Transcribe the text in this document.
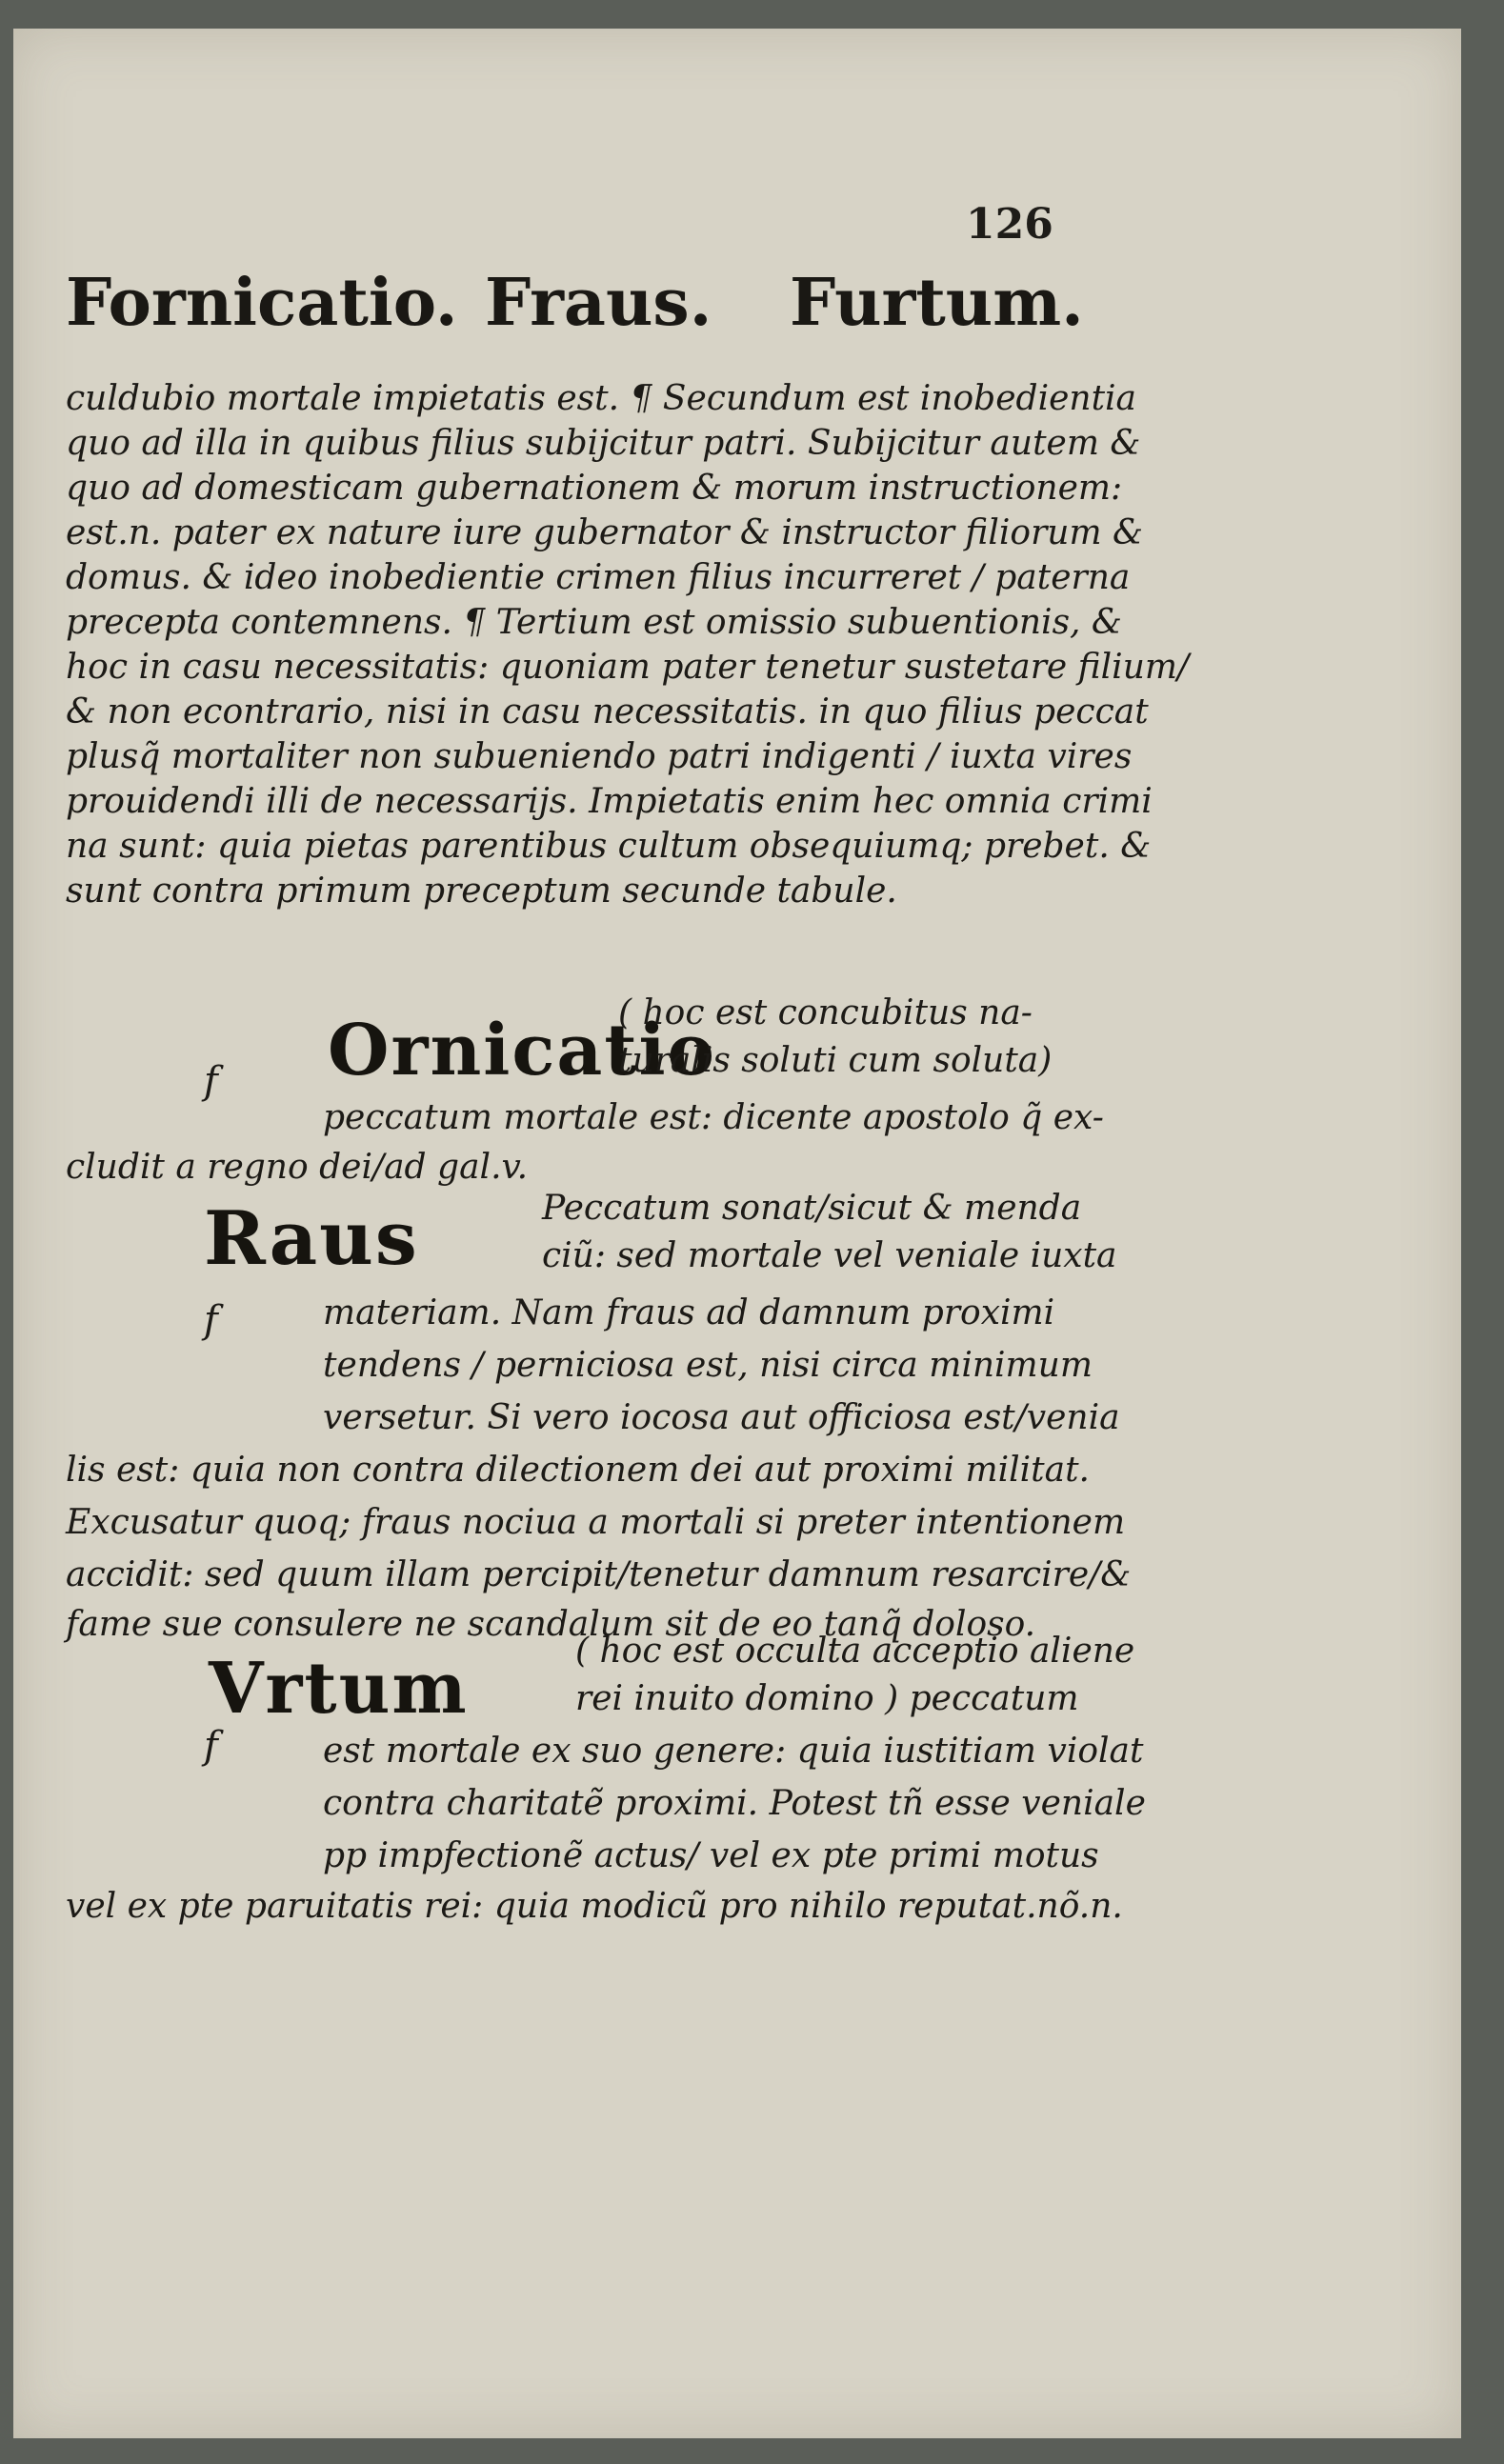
126
Fornicatio. Fraus. Furtum.
culdubio mortale impietatis est. ¶ Secundum est inobedientia
quo ad illa in quibus filius subijcitur patri. Subijcitur autem &
quo ad domesticam gubernationem & morum instructionem:
est.n. pater ex nature iure gubernator & instructor filiorum &
domus. & ideo inobedientie crimen filius incurreret / paterna
precepta contemnens. ¶ Tertium est omissio subuentionis, &
hoc in casu necessitatis: quoniam pater tenetur sustetare filium/
& non econtrario, nisi in casu necessitatis. in quo filius peccat
plusq̃ mortaliter non subueniendo patri indigenti / iuxta vires
prouidendi illi de necessarijs. Impietatis enim hec omnia crimi
na sunt: quia pietas parentibus cultum obsequiumq; prebet. &
sunt contra primum preceptum secunde tabule.
f Ornicatio
( hoc est concubitus na-
turalis soluti cum soluta)
peccatum mortale est: dicente apostolo q̃ ex-
cludit a regno dei/ad gal.v.
f
Raus	Peccatum sonat/sicut & menda
ciũ: sed mortale vel veniale iuxta
materiam. Nam fraus ad damnum proximi
tendens / perniciosa est, nisi circa minimum
versetur. Si vero iocosa aut officiosa est/venia
lis est: quia non contra dilectionem dei aut proximi militat.
Excusatur quoq; fraus nociua a mortali si preter intentionem
accidit: sed quum illam percipit/tenetur damnum resarcire/&
fame sue consulere ne scandalum sit de eo tanq̃ doloso.
f
Vrtum	( hoc est occulta acceptio aliene
rei inuito domino ) peccatum
est mortale ex suo genere: quia iustitiam violat
contra charitatẽ proximi. Potest tñ esse veniale
pp impfectionẽ actus/ vel ex pte primi motus
vel ex pte paruitatis rei: quia modicũ pro nihilo reputat.nõ.n.
